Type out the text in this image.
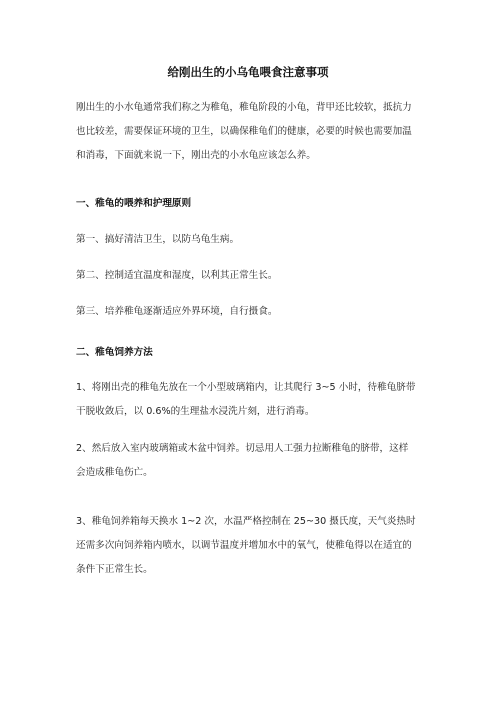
给刚出生的小乌龟喂食注意事项
刚出生的小水龟通常我们称之为稚龟，稚龟阶段的小龟，背甲还比较软，抵抗力
也比较差，需要保证环境的卫生，以确保稚龟们的健康，必要的时候也需要加温
和消毒，下面就来说一下，刚出壳的小水龟应该怎么养。
一、稚龟的喂养和护理原则
第一、搞好清洁卫生，以防乌龟生病。
第二、控制适宜温度和湿度，以利其正常生长。
第三、培养稚龟逐渐适应外界环境，自行摄食。
二、稚龟饲养方法
1、将刚出壳的稚龟先放在一个小型玻璃箱内，让其爬行 3~5 小时，待稚龟脐带
干脱收敛后，以 0.6%的生理盐水浸洗片刻，进行消毒。
2、然后放入室内玻璃箱或木盆中饲养。切忌用人工强力拉断稚龟的脐带，这样
会造成稚龟伤亡。
3、稚龟饲养箱每天换水 1~2 次，水温严格控制在 25~30 摄氏度，天气炎热时
还需多次向饲养箱内喷水，以调节温度并增加水中的氧气，使稚龟得以在适宜的
条件下正常生长。
